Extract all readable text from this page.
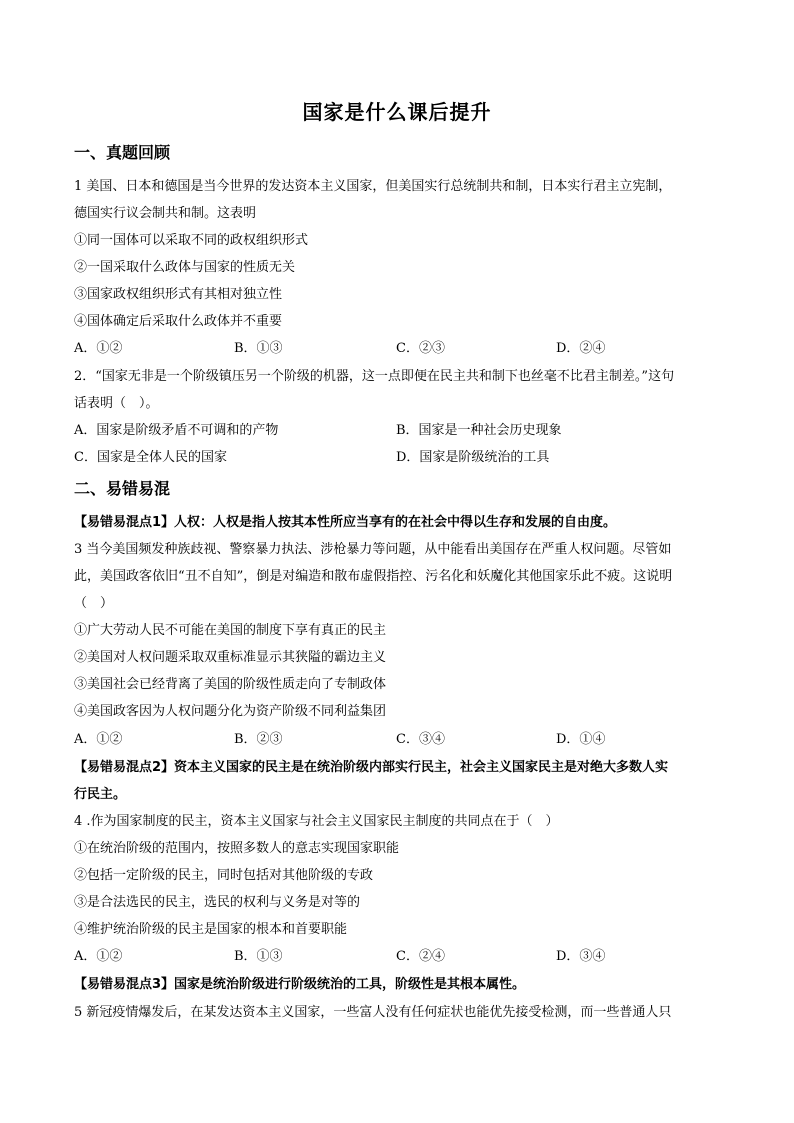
国家是什么课后提升
一、真题回顾
1 美国、日本和德国是当今世界的发达资本主义国家，但美国实行总统制共和制，日本实行君主立宪制，
德国实行议会制共和制。这表明
①同一国体可以采取不同的政权组织形式
②一国采取什么政体与国家的性质无关
③国家政权组织形式有其相对独立性
④国体确定后采取什么政体并不重要
A．①②	B．①③	C．②③	D．②④
2．“国家无非是一个阶级镇压另一个阶级的机器，这一点即便在民主共和制下也丝毫不比君主制差。”这句
话表明（　）。
A．国家是阶级矛盾不可调和的产物	B．国家是一种社会历史现象
C．国家是全体人民的国家	D．国家是阶级统治的工具
二、易错易混
【易错易混点1】人权：人权是指人按其本性所应当享有的在社会中得以生存和发展的自由度。
3 当今美国频发种族歧视、警察暴力执法、涉枪暴力等问题，从中能看出美国存在严重人权问题。尽管如
此，美国政客依旧“丑不自知”，倒是对编造和散布虚假指控、污名化和妖魔化其他国家乐此不疲。这说明
（　）
①广大劳动人民不可能在美国的制度下享有真正的民主
②美国对人权问题采取双重标准显示其狭隘的霸边主义
③美国社会已经背离了美国的阶级性质走向了专制政体
④美国政客因为人权问题分化为资产阶级不同利益集团
A．①②	B．②③	C．③④	D．①④
【易错易混点2】资本主义国家的民主是在统治阶级内部实行民主，社会主义国家民主是对绝大多数人实
行民主。
4 .作为国家制度的民主，资本主义国家与社会主义国家民主制度的共同点在于（　）
①在统治阶级的范围内，按照多数人的意志实现国家职能
②包括一定阶级的民主，同时包括对其他阶级的专政
③是合法选民的民主，选民的权利与义务是对等的
④维护统治阶级的民主是国家的根本和首要职能
A．①②	B．①③	C．②④	D．③④
【易错易混点3】国家是统治阶级进行阶级统治的工具，阶级性是其根本属性。
5 新冠疫情爆发后，在某发达资本主义国家，一些富人没有任何症状也能优先接受检测，而一些普通人只
